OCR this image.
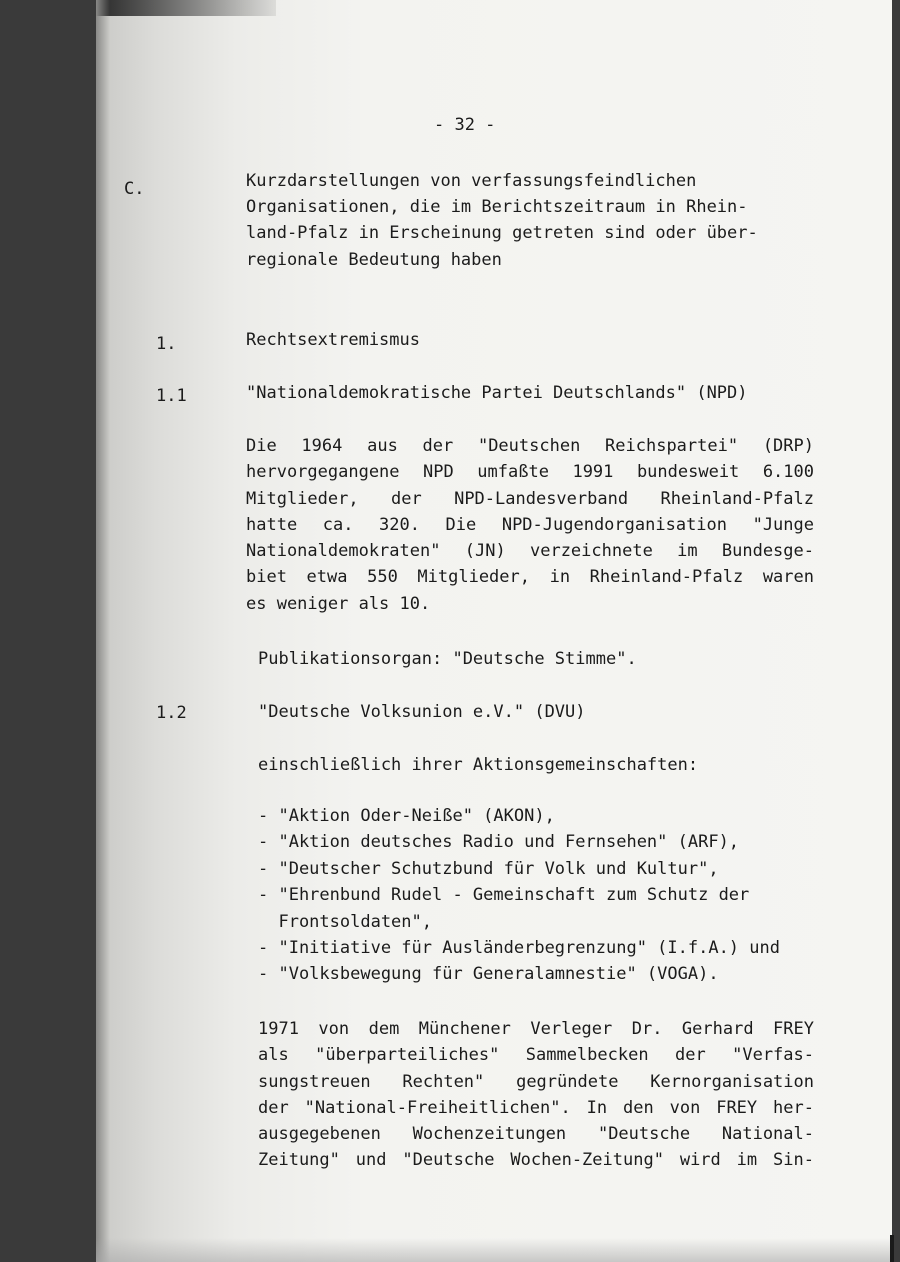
- 32 -
C.	Kurzdarstellungen von verfassungsfeindlichen
Organisationen, die im Berichtszeitraum in Rhein-
land-Pfalz in Erscheinung getreten sind oder über-
regionale Bedeutung haben
1.	Rechtsextremismus
1.1	"Nationaldemokratische Partei Deutschlands" (NPD)
Die 1964 aus der "Deutschen Reichspartei" (DRP)
hervorgegangene NPD umfaßte 1991 bundesweit 6.100
Mitglieder, der NPD-Landesverband Rheinland-Pfalz
hatte ca. 320. Die NPD-Jugendorganisation "Junge
Nationaldemokraten" (JN) verzeichnete im Bundesge-
biet etwa 550 Mitglieder, in Rheinland-Pfalz waren
es weniger als 10.
Publikationsorgan: "Deutsche Stimme".
1.2	"Deutsche Volksunion e.V." (DVU)
einschließlich ihrer Aktionsgemeinschaften:
- "Aktion Oder-Neiße" (AKON),
- "Aktion deutsches Radio und Fernsehen" (ARF),
- "Deutscher Schutzbund für Volk und Kultur",
- "Ehrenbund Rudel - Gemeinschaft zum Schutz der
Frontsoldaten",
- "Initiative für Ausländerbegrenzung" (I.f.A.) und
- "Volksbewegung für Generalamnestie" (VOGA).
1971 von dem Münchener Verleger Dr. Gerhard FREY
als "überparteiliches" Sammelbecken der "Verfas-
sungstreuen Rechten" gegründete Kernorganisation
der "National-Freiheitlichen". In den von FREY her-
ausgegebenen Wochenzeitungen "Deutsche National-
Zeitung" und "Deutsche Wochen-Zeitung" wird im Sin-
